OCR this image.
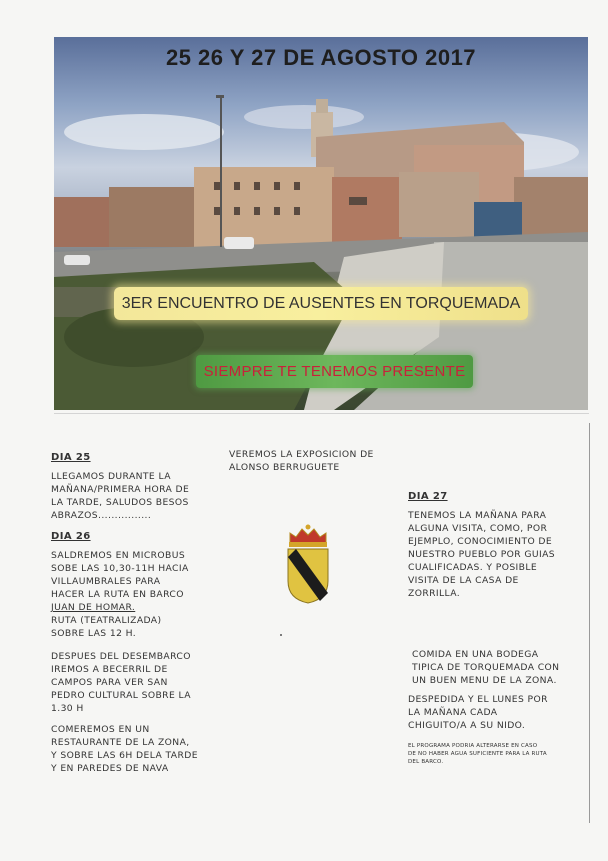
25 26 Y 27 DE AGOSTO 2017
3ER ENCUENTRO DE AUSENTES EN TORQUEMADA
SIEMPRE TE TENEMOS PRESENTE
DIA 25

LLEGAMOS DURANTE LA
MAÑANA/PRIMERA HORA DE
LA TARDE, SALUDOS BESOS
ABRAZOS................

DIA 26

SALDREMOS EN MICROBUS
SOBE LAS 10,30-11H HACIA
VILLAUMBRALES PARA
HACER LA RUTA EN BARCO

JUAN DE HOMAR.

RUTA (TEATRALIZADA)
SOBRE LAS 12 H.

DESPUES DEL DESEMBARCO
IREMOS A BECERRIL DE
CAMPOS PARA VER SAN
PEDRO CULTURAL SOBRE LA
1.30 H

COMEREMOS EN UN
RESTAURANTE DE LA ZONA,
Y SOBRE LAS 6H DELA TARDE
Y EN PAREDES DE NAVA

VEREMOS LA EXPOSICION DE
ALONSO BERRUGUETE

DIA 27

TENEMOS LA MAÑANA PARA
ALGUNA VISITA, COMO, POR
EJEMPLO, CONOCIMIENTO DE
NUESTRO PUEBLO POR GUIAS
CUALIFICADAS. Y POSIBLE
VISITA DE LA CASA DE
ZORRILLA.

COMIDA EN UNA BODEGA
TIPICA DE TORQUEMADA CON
UN BUEN MENU DE LA ZONA.

DESPEDIDA Y EL LUNES POR
LA MAÑANA CADA
CHIGUITO/A A SU NIDO.

EL PROGRAMA PODRIA ALTERARSE EN CASO
DE NO HABER AGUA SUFICIENTE PARA LA RUTA
DEL BARCO.
